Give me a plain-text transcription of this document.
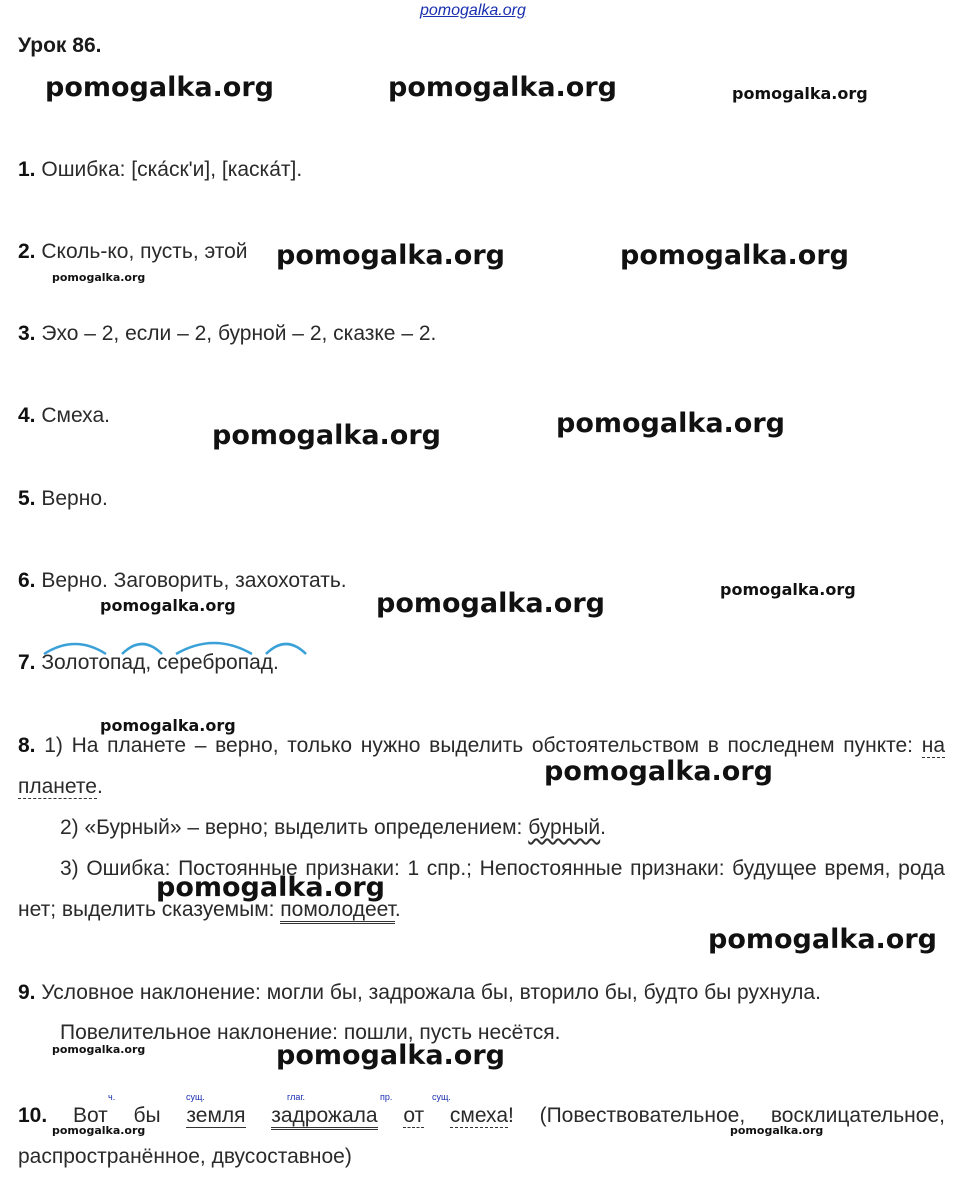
pomogalka.org
Урок 86.
pomogalka.org	pomogalka.org	pomogalka.org
1. Ошибка: [ска́ск'и], [каска́т].
2. Сколь-ко, пусть, этой pomogalka.org	pomogalka.org
pomogalka.org
3. Эхо – 2, если – 2, бурной – 2, сказке – 2.
4. Смеха.
pomogalka.org	pomogalka.org
5. Верно.
6. Верно. Заговорить, захохотать.
pomogalka.org	pomogalka.org	pomogalka.org
7. Золотопад, серебропад.
pomogalka.org
8. 1) На планете – верно, только нужно выделить обстоятельством в последнем пункте: на планете.	pomogalka.org
2) «Бурный» – верно; выделить определением: бурный.
3) Ошибка: Постоянные признаки: 1 спр.; Непостоянные признаки: будущее время, рода нет; выделить сказуемым: помолодеет.
pomogalka.org
pomogalka.org
9. Условное наклонение: могли бы, задрожала бы, вторило бы, будто бы рухнула.
Повелительное наклонение: пошли, пусть несётся.
pomogalka.org	pomogalka.org
ч.	сущ.	глаг.	пр.	сущ.
10. Вот бы земля задрожала от смеха! (Повествовательное, восклицательное, распространённое, двусоставное)
pomogalka.org	pomogalka.org
